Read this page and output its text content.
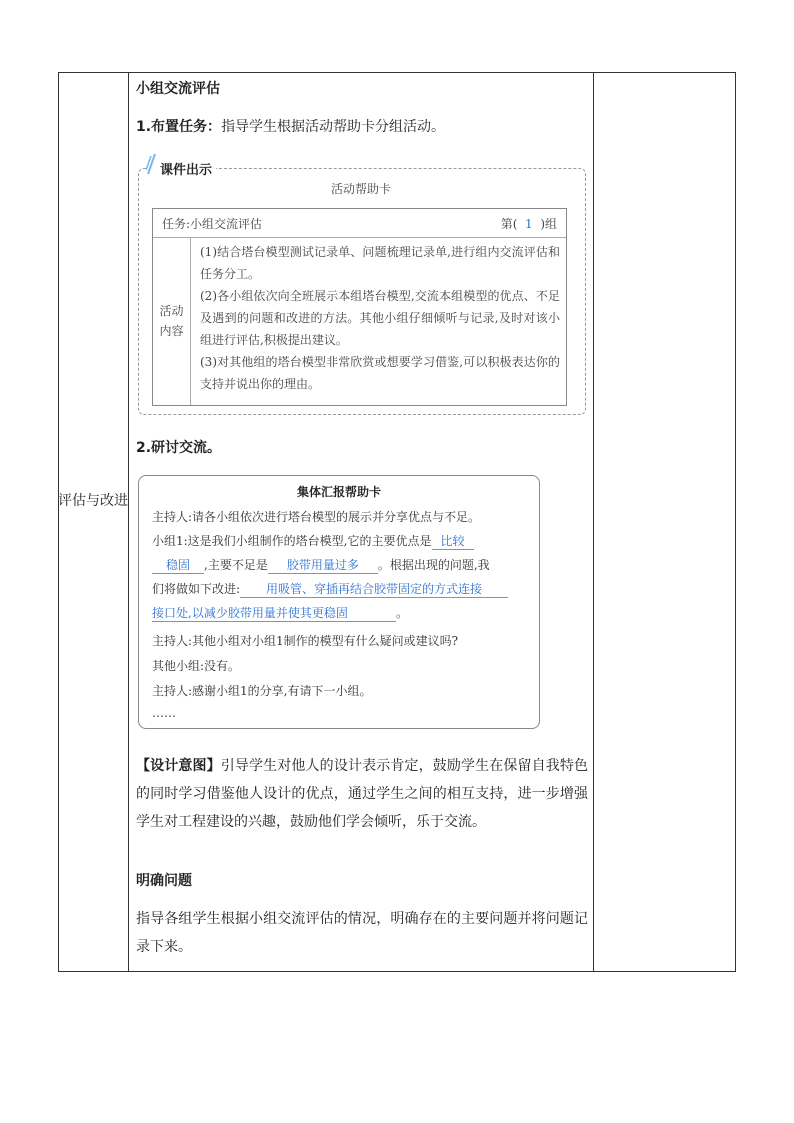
评估与改进
小组交流评估
1.布置任务：指导学生根据活动帮助卡分组活动。
课件出示
活动帮助卡
任务:小组交流评估	第( 1 )组
活动内容
(1)结合塔台模型测试记录单、问题梳理记录单,进行组内交流评估和任务分工。
(2)各小组依次向全班展示本组塔台模型,交流本组模型的优点、不足及遇到的问题和改进的方法。其他小组仔细倾听与记录,及时对该小组进行评估,积极提出建议。
(3)对其他组的塔台模型非常欣赏或想要学习借鉴,可以积极表达你的支持并说出你的理由。
2.研讨交流。
集体汇报帮助卡
主持人:请各小组依次进行塔台模型的展示并分享优点与不足。
小组1:这是我们小组制作的塔台模型,它的主要优点是 比较
稳固 ,主要不足是 胶带用量过多 。根据出现的问题,我
们将做如下改进: 用吸管、穿插再结合胶带固定的方式连接
接口处,以减少胶带用量并使其更稳固	。
主持人:其他小组对小组1制作的模型有什么疑问或建议吗?
其他小组:没有。
主持人:感谢小组1的分享,有请下一小组。
……
【设计意图】引导学生对他人的设计表示肯定，鼓励学生在保留自我特色的同时学习借鉴他人设计的优点，通过学生之间的相互支持，进一步增强学生对工程建设的兴趣，鼓励他们学会倾听，乐于交流。
明确问题
指导各组学生根据小组交流评估的情况，明确存在的主要问题并将问题记录下来。
